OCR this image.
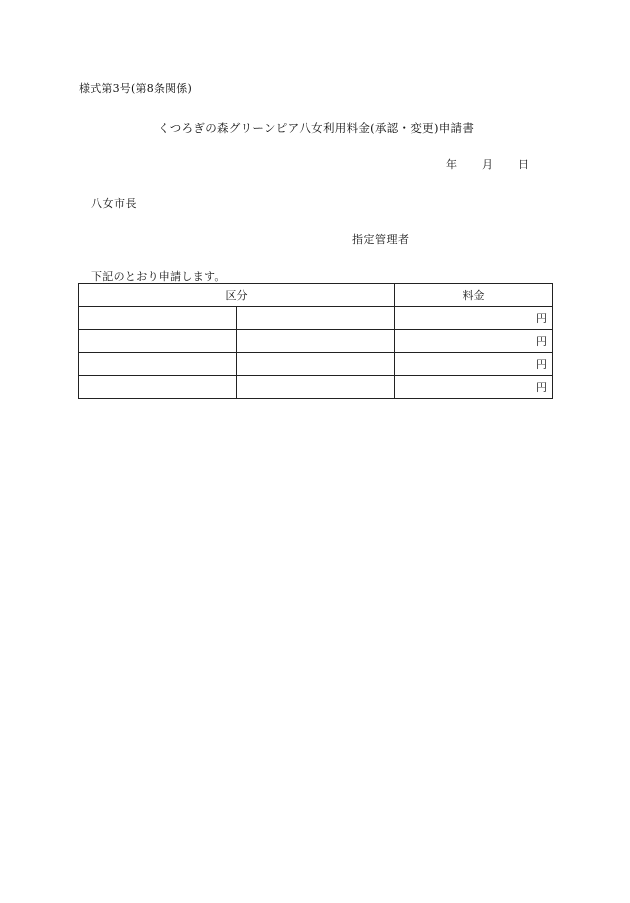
様式第3号(第8条関係)
くつろぎの森グリーンピア八女利用料金(承認・変更)申請書
年	月	日
八女市長
指定管理者
下記のとおり申請します。
区分		料金
		円
		円
		円
		円
